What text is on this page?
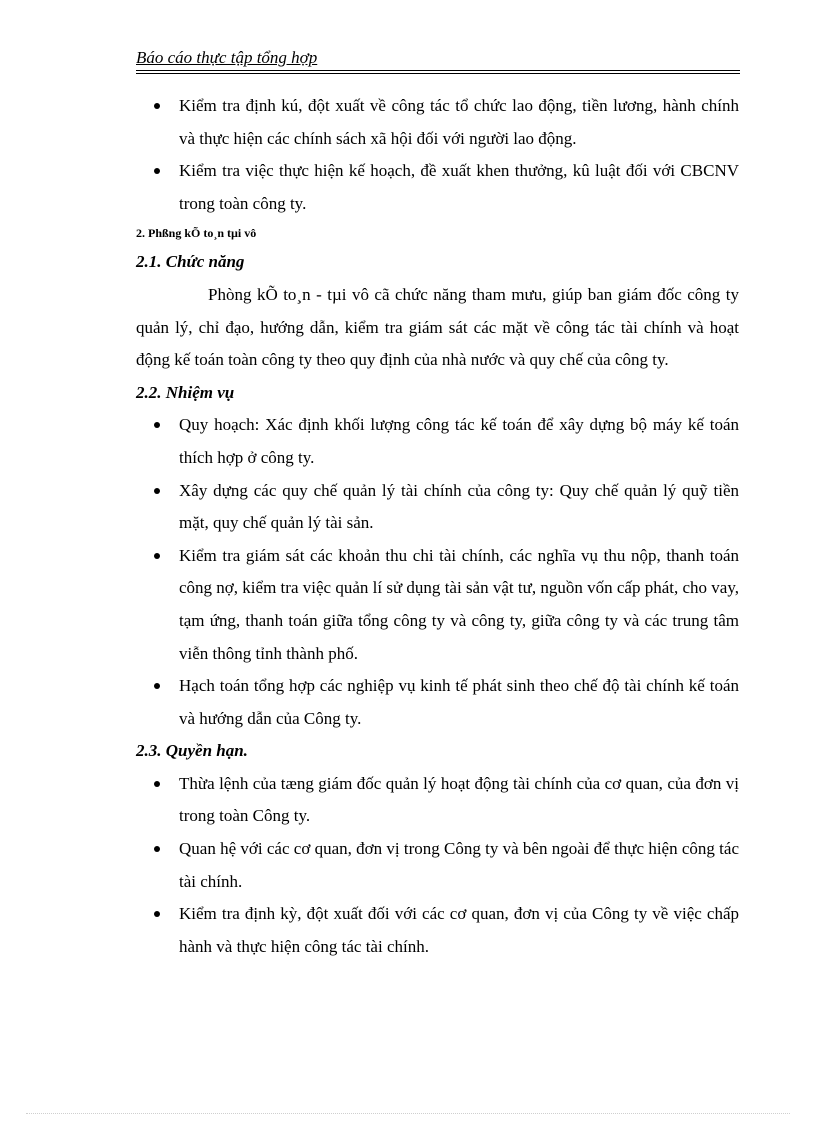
Báo cáo thực tập tổng hợp
Kiểm tra định kú, đột xuất về công tác tổ chức lao động, tiền lương, hành chính và thực hiện các chính sách xã hội đối với người lao động.
Kiểm tra việc thực hiện kế hoạch, đề xuất khen thưởng, kû luật đối với CBCNV trong toàn công ty.
2. Phßng kÕ to¸n tµi vô
2.1. Chức năng
Phòng kÕ to¸n - tµi vô cã chức năng tham mưu, giúp ban giám đốc công ty quản lý, chỉ đạo, hướng dẫn, kiểm tra giám sát các mặt về công tác tài chính và hoạt động kế toán toàn công ty theo quy định của nhà nước và quy chế của công ty.
2.2. Nhiệm vụ
Quy hoạch: Xác định khối lượng công tác kế toán để xây dựng bộ máy kế toán thích hợp ở công ty.
Xây dựng các quy chế quản lý tài chính của công ty: Quy chế quản lý quỹ tiền mặt, quy chế quản lý tài sản.
Kiểm tra giám sát các khoản thu chi tài chính, các nghĩa vụ thu nộp, thanh toán công nợ, kiểm tra việc quản lí sử dụng tài sản vật tư, nguồn vốn cấp phát, cho vay, tạm ứng, thanh toán giữa tổng công ty và công ty, giữa công ty và các trung tâm viễn thông tỉnh thành phố.
Hạch toán tổng hợp các nghiệp vụ kinh tế phát sinh theo chế độ tài chính kế toán và hướng dẫn của Công ty.
2.3. Quyền hạn.
Thừa lệnh của tæng giám đốc quản lý hoạt động tài chính của cơ quan, của đơn vị trong toàn Công ty.
Quan hệ với các cơ quan, đơn vị trong Công ty và bên ngoài để thực hiện công tác tài chính.
Kiểm tra định kỳ, đột xuất đối với các cơ quan, đơn vị của Công ty về việc chấp hành và thực hiện công tác tài chính.
